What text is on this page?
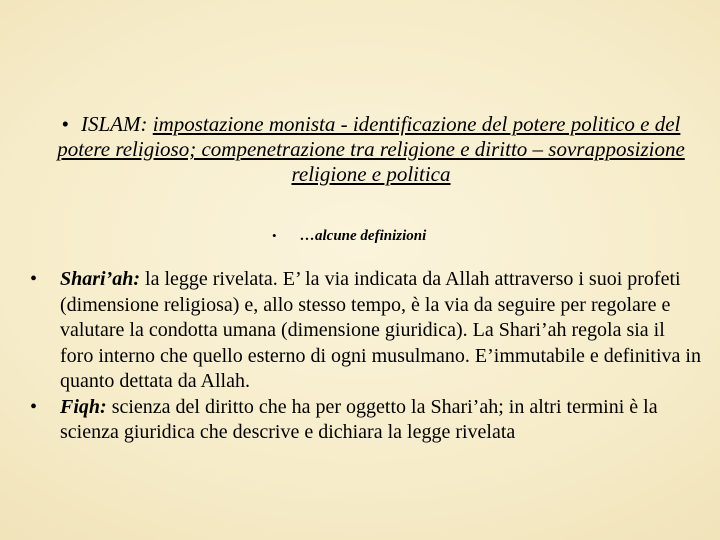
• ISLAM: impostazione monista - identificazione del potere politico e del potere religioso; compenetrazione tra religione e diritto – sovrapposizione religione e politica
• …alcune definizioni
• Shari’ah: la legge rivelata. E’ la via indicata da Allah attraverso i suoi profeti (dimensione religiosa) e, allo stesso tempo, è la via da seguire per regolare e valutare la condotta umana (dimensione giuridica). La Shari’ah regola sia il foro interno che quello esterno di ogni musulmano. E’immutabile e definitiva in quanto dettata da Allah.
• Fiqh: scienza del diritto che ha per oggetto la Shari’ah; in altri termini è la scienza giuridica che descrive e dichiara la legge rivelata
